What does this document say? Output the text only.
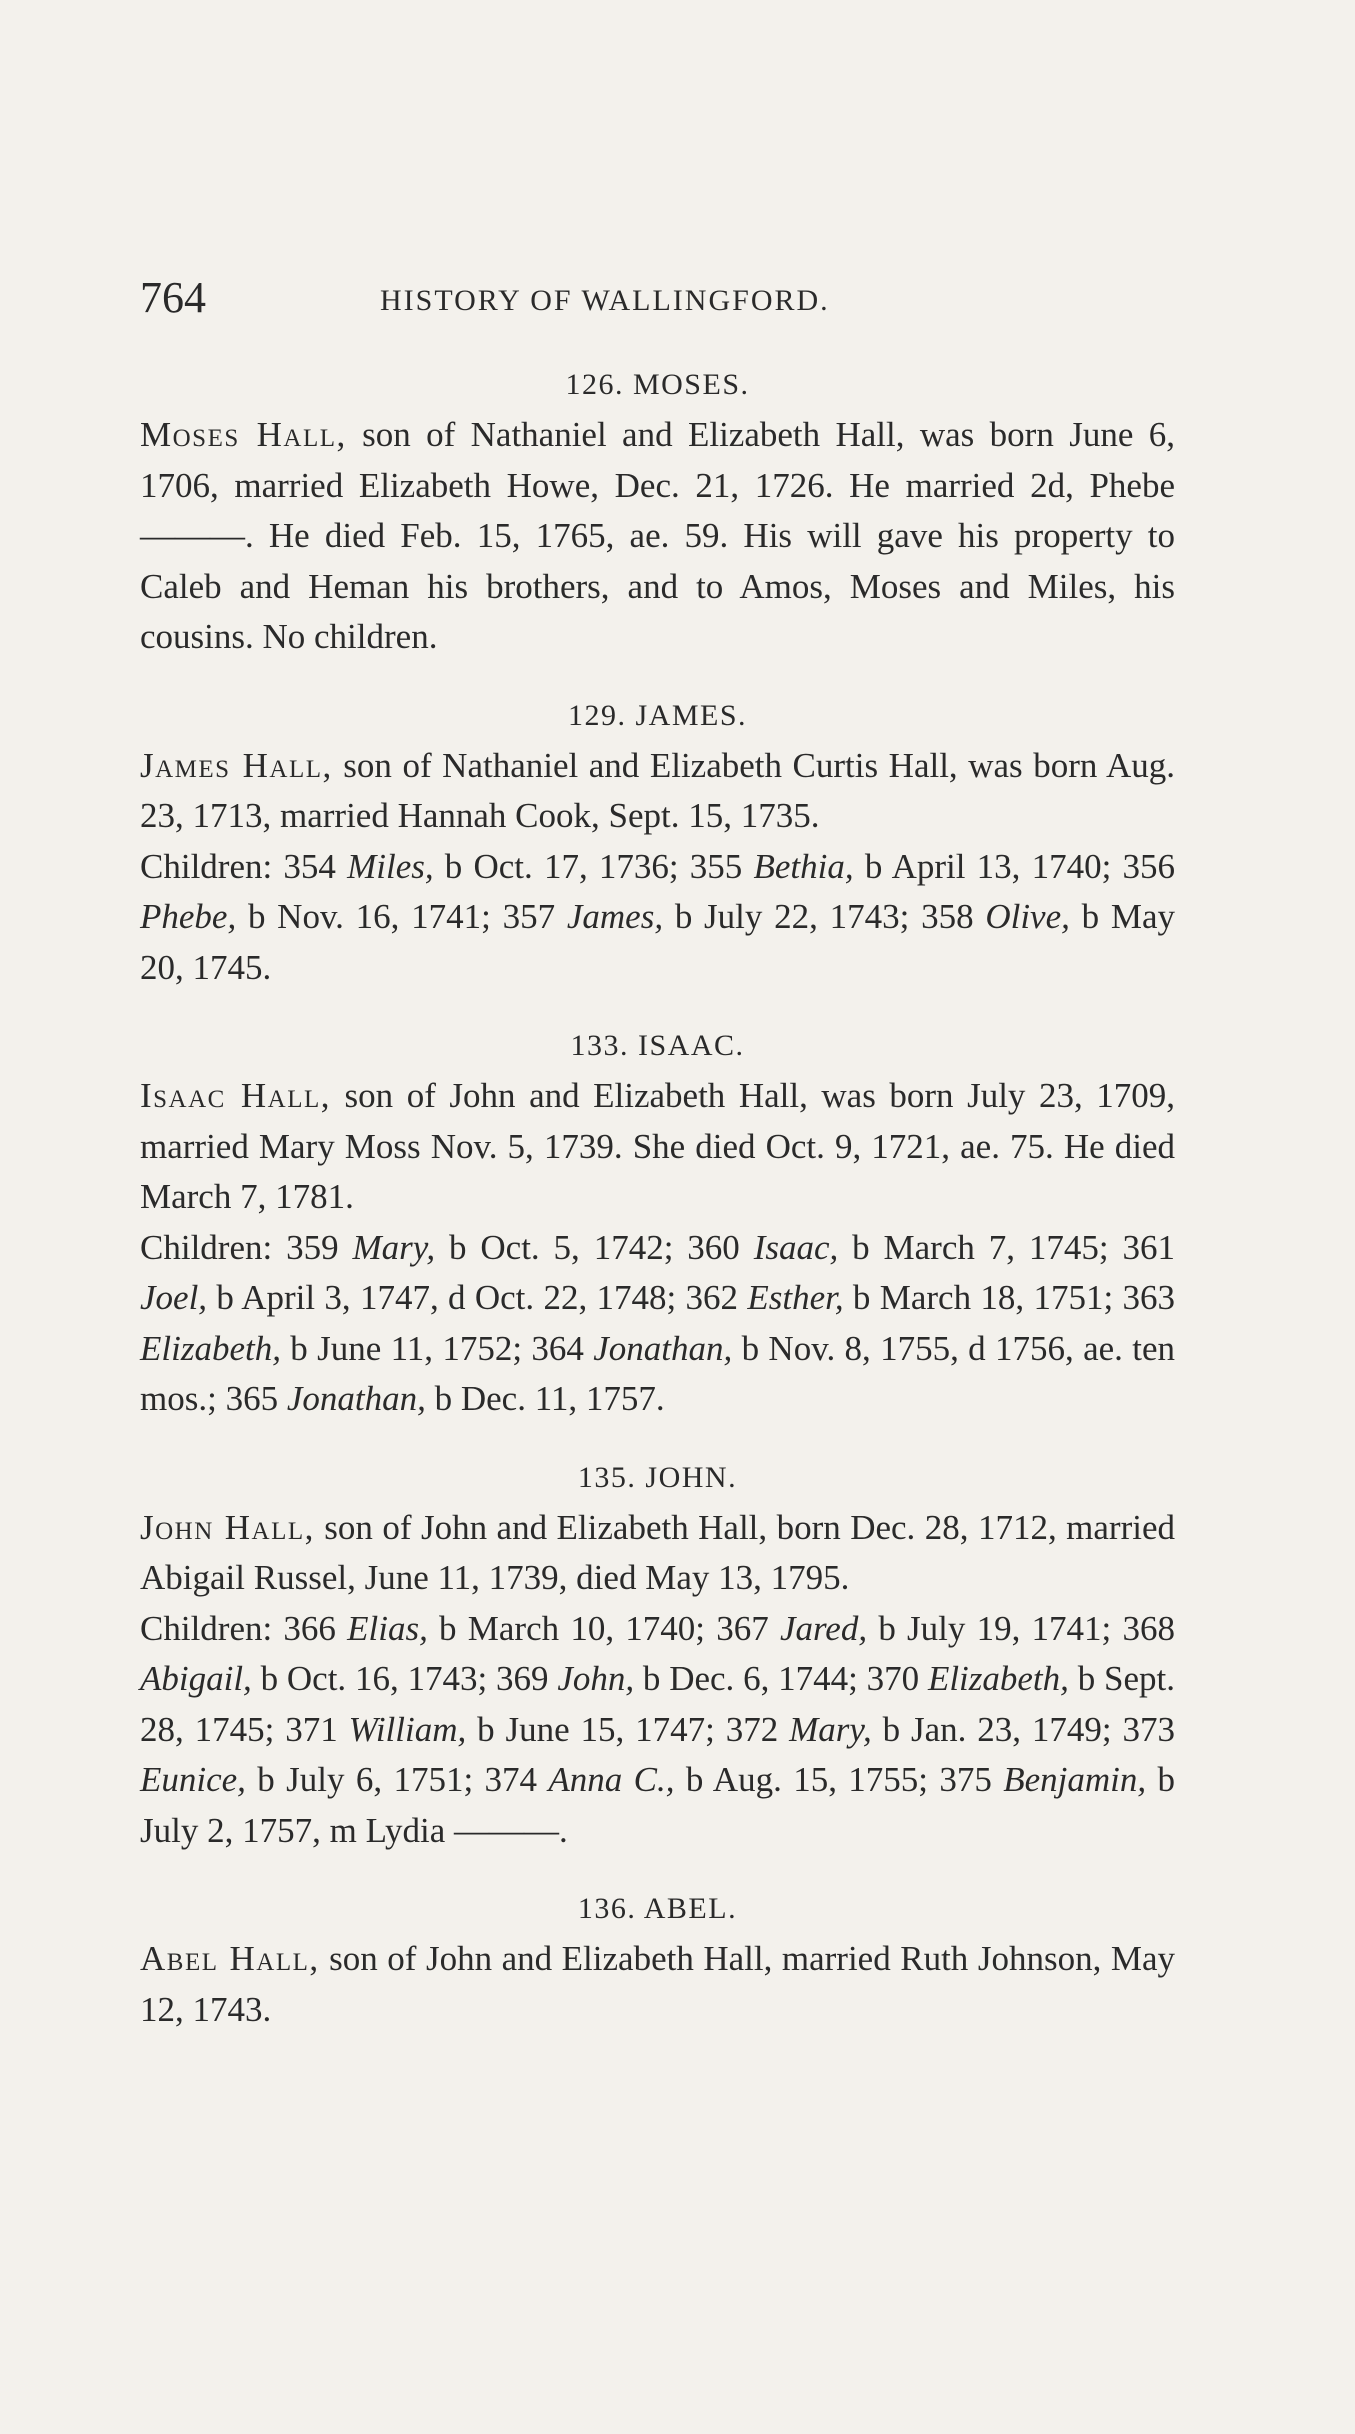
764	HISTORY OF WALLINGFORD.
126. MOSES.

Moses Hall, son of Nathaniel and Elizabeth Hall, was born June 6, 1706, married Elizabeth Howe, Dec. 21, 1726. He married 2d, Phebe ———. He died Feb. 15, 1765, ae. 59. His will gave his property to Caleb and Heman his brothers, and to Amos, Moses and Miles, his cousins. No children.

129. JAMES.

James Hall, son of Nathaniel and Elizabeth Curtis Hall, was born Aug. 23, 1713, married Hannah Cook, Sept. 15, 1735.

Children: 354 Miles, b Oct. 17, 1736; 355 Bethia, b April 13, 1740; 356 Phebe, b Nov. 16, 1741; 357 James, b July 22, 1743; 358 Olive, b May 20, 1745.

133. ISAAC.

Isaac Hall, son of John and Elizabeth Hall, was born July 23, 1709, married Mary Moss Nov. 5, 1739. She died Oct. 9, 1721, ae. 75. He died March 7, 1781.

Children: 359 Mary, b Oct. 5, 1742; 360 Isaac, b March 7, 1745; 361 Joel, b April 3, 1747, d Oct. 22, 1748; 362 Esther, b March 18, 1751; 363 Elizabeth, b June 11, 1752; 364 Jonathan, b Nov. 8, 1755, d 1756, ae. ten mos.; 365 Jonathan, b Dec. 11, 1757.

135. JOHN.

John Hall, son of John and Elizabeth Hall, born Dec. 28, 1712, married Abigail Russel, June 11, 1739, died May 13, 1795.

Children: 366 Elias, b March 10, 1740; 367 Jared, b July 19, 1741; 368 Abigail, b Oct. 16, 1743; 369 John, b Dec. 6, 1744; 370 Elizabeth, b Sept. 28, 1745; 371 William, b June 15, 1747; 372 Mary, b Jan. 23, 1749; 373 Eunice, b July 6, 1751; 374 Anna C., b Aug. 15, 1755; 375 Benjamin, b July 2, 1757, m Lydia ———.

136. ABEL.

Abel Hall, son of John and Elizabeth Hall, married Ruth Johnson, May 12, 1743.
